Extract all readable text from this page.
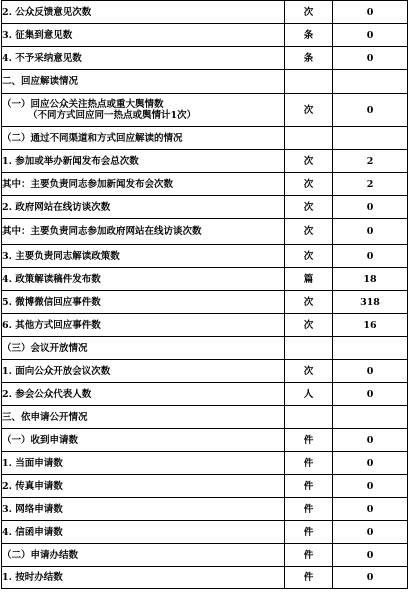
2. 公众反馈意见次数	次	0
3. 征集到意见数	条	0
4. 不予采纳意见数	条	0
二、回应解读情况		

（一）回应公众关注热点或重大舆情数
（不同方式回应同一热点或舆情计1次）	次	0
（二）通过不同渠道和方式回应解读的情况		
1. 参加或举办新闻发布会总次数	次	2
其中：主要负责同志参加新闻发布会次数	次	2
2. 政府网站在线访谈次数	次	0
其中：主要负责同志参加政府网站在线访谈次数	次	0
3. 主要负责同志解读政策数	次	0
4. 政策解读稿件发布数	篇	18
5. 微博微信回应事件数	次	318
6. 其他方式回应事件数	次	16
（三）会议开放情况		
1. 面向公众开放会议次数	次	0
2. 参会公众代表人数	人	0
三、依申请公开情况		
（一）收到申请数	件	0
1. 当面申请数	件	0
2. 传真申请数	件	0
3. 网络申请数	件	0
4. 信函申请数	件	0
（二）申请办结数	件	0
1. 按时办结数	件	0
